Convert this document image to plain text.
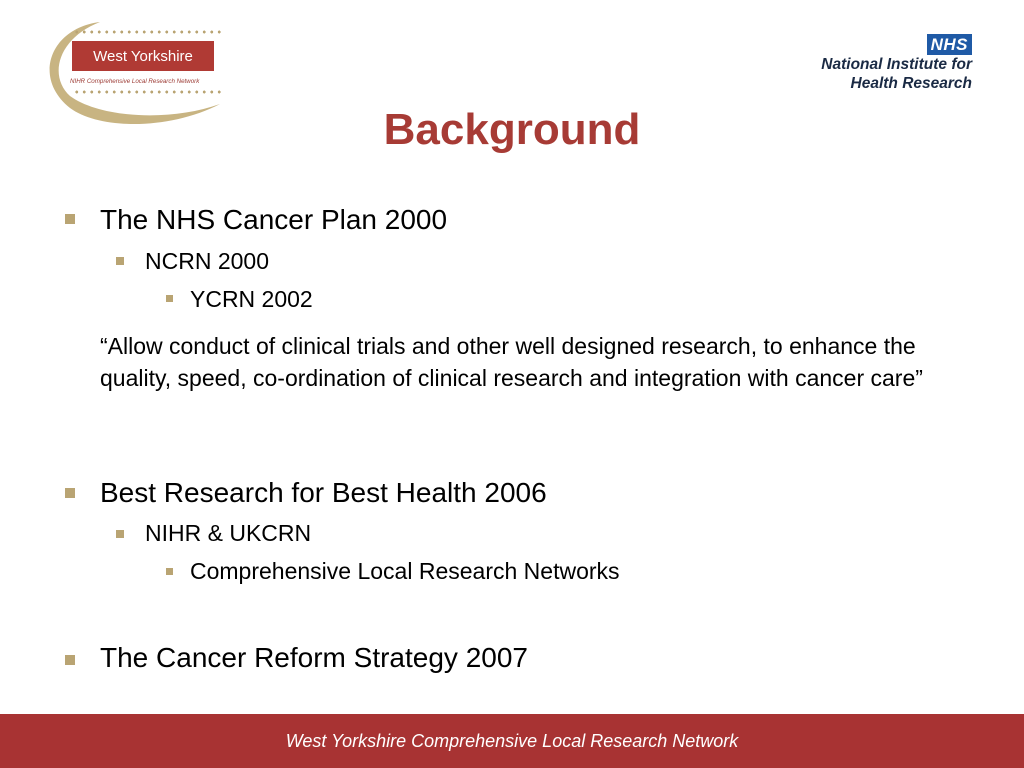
West Yorkshire
NIHR Comprehensive Local Research Network
NHS
National Institute for
Health Research
Background
The NHS Cancer Plan 2000
NCRN 2000
YCRN 2002
“Allow conduct of clinical trials and other well designed research, to enhance the quality, speed, co-ordination of clinical research and integration with cancer care”
Best Research for Best Health 2006
NIHR & UKCRN
Comprehensive Local Research Networks
The Cancer Reform Strategy 2007
West Yorkshire Comprehensive Local Research Network
